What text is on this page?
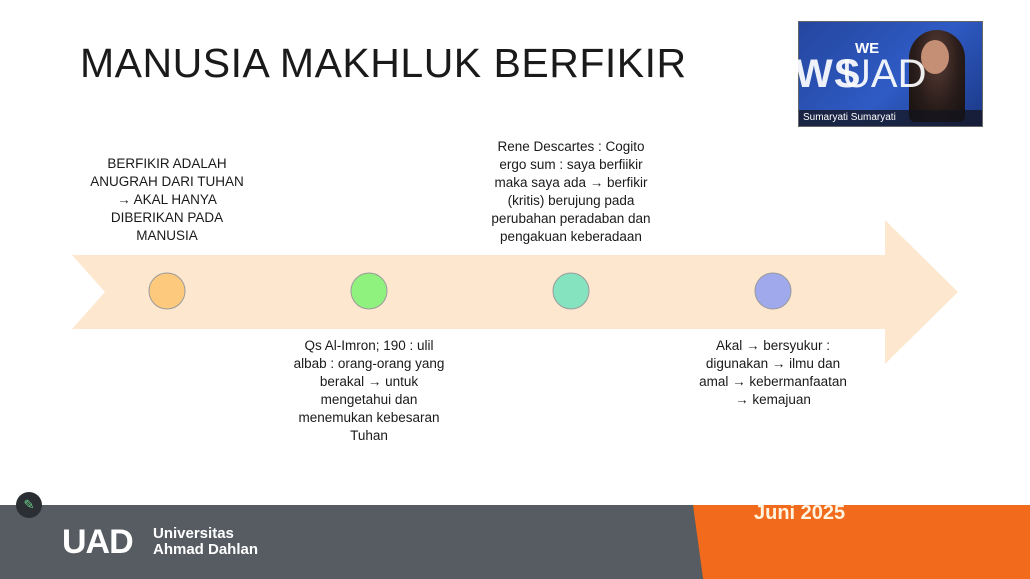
MANUSIA MAKHLUK BERFIKIR	WE
Sumaryati Sumaryati
WS
UAD
BERFIKIR ADALAH
ANUGRAH DARI TUHAN
→ AKAL HANYA
DIBERIKAN PADA
MANUSIA
Qs Al-Imron; 190 : ulil
albab : orang-orang yang
berakal → untuk
mengetahui dan
menemukan kebesaran
Tuhan
Rene Descartes : Cogito
ergo sum : saya berfiikir
maka saya ada → berfikir
(kritis) berujung pada
perubahan peradaban dan
pengakuan keberadaan
Akal → bersyukur :
digunakan → ilmu dan
amal → kebermanfaatan
→ kemajuan
Juni 2025
UAD Universitas
Ahmad Dahlan
✎
